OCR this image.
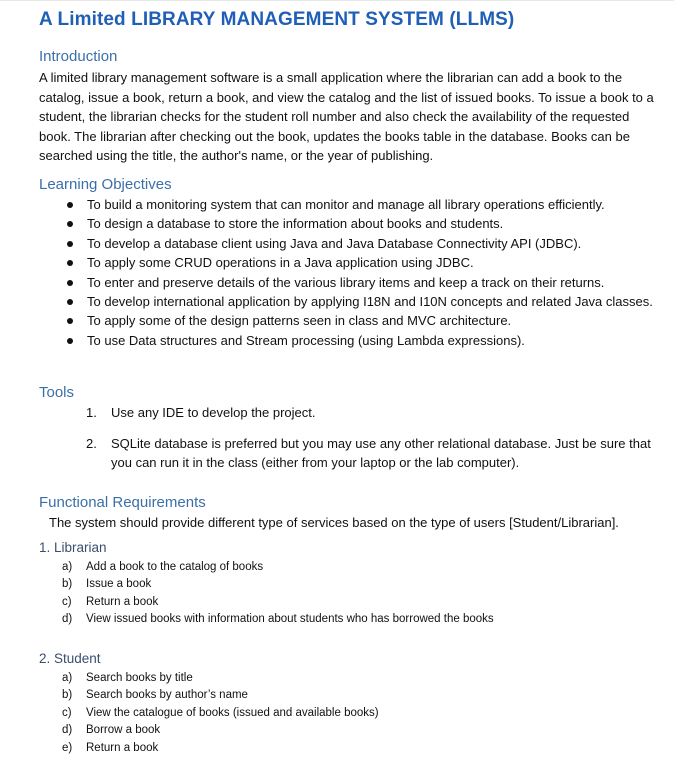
A Limited LIBRARY MANAGEMENT SYSTEM (LLMS)
Introduction
A limited library management software is a small application where the librarian can add a book to the catalog, issue a book, return a book, and view the catalog and the list of issued books. To issue a book to a student, the librarian checks for the student roll number and also check the availability of the requested book. The librarian after checking out the book, updates the books table in the database. Books can be searched using the title, the author's name, or the year of publishing.
Learning Objectives
To build a monitoring system that can monitor and manage all library operations efficiently.
To design a database to store the information about books and students.
To develop a database client using Java and Java Database Connectivity API (JDBC).
To apply some CRUD operations in a Java application using JDBC.
To enter and preserve details of the various library items and keep a track on their returns.
To develop international application by applying I18N and I10N concepts and related Java classes.
To apply some of the design patterns seen in class and MVC architecture.
To use Data structures and Stream processing (using Lambda expressions).
Tools
1. Use any IDE to develop the project.
2. SQLite database is preferred but you may use any other relational database. Just be sure that you can run it in the class (either from your laptop or the lab computer).
Functional Requirements
The system should provide different type of services based on the type of users [Student/Librarian].
1. Librarian
a) Add a book to the catalog of books
b) Issue a book
c) Return a book
d) View issued books with information about students who has borrowed the books
2. Student
a) Search books by title
b) Search books by author’s name
c) View the catalogue of books (issued and available books)
d) Borrow a book
e) Return a book
